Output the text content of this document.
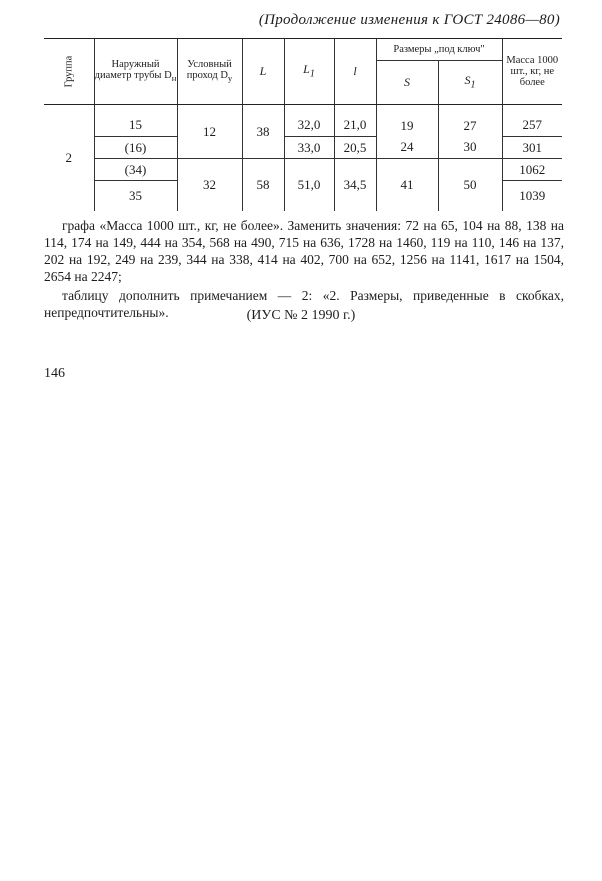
(Продолжение изменения к ГОСТ 24086—80)
Группа	Наружный диаметр трубы $D_н$	Условный проход $D_у$	L	$L_1$	l	Размеры „под ключ"		Масса 1000 шт., кг, не более
						S	$S_1$
2	15	12	38	32,0	21,0	19	27	257
	(16)			33,0	20,5	24	30	301
	(34)	32	58	51,0	34,5	41	50	1062
	35							1039
графа «Масса 1000 шт., кг, не более». Заменить значения: 72 на 65, 104 на 88, 138 на 114, 174 на 149, 444 на 354, 568 на 490, 715 на 636, 1728 на 1460, 119 на 110, 146 на 137, 202 на 192, 249 на 239, 344 на 338, 414 на 402, 700 на 652, 1256 на 1141, 1617 на 1504, 2654 на 2247;
таблицу дополнить примечанием — 2: «2. Размеры, приведенные в скобках, непредпочтительны».	(ИУС № 2 1990 г.)
146
